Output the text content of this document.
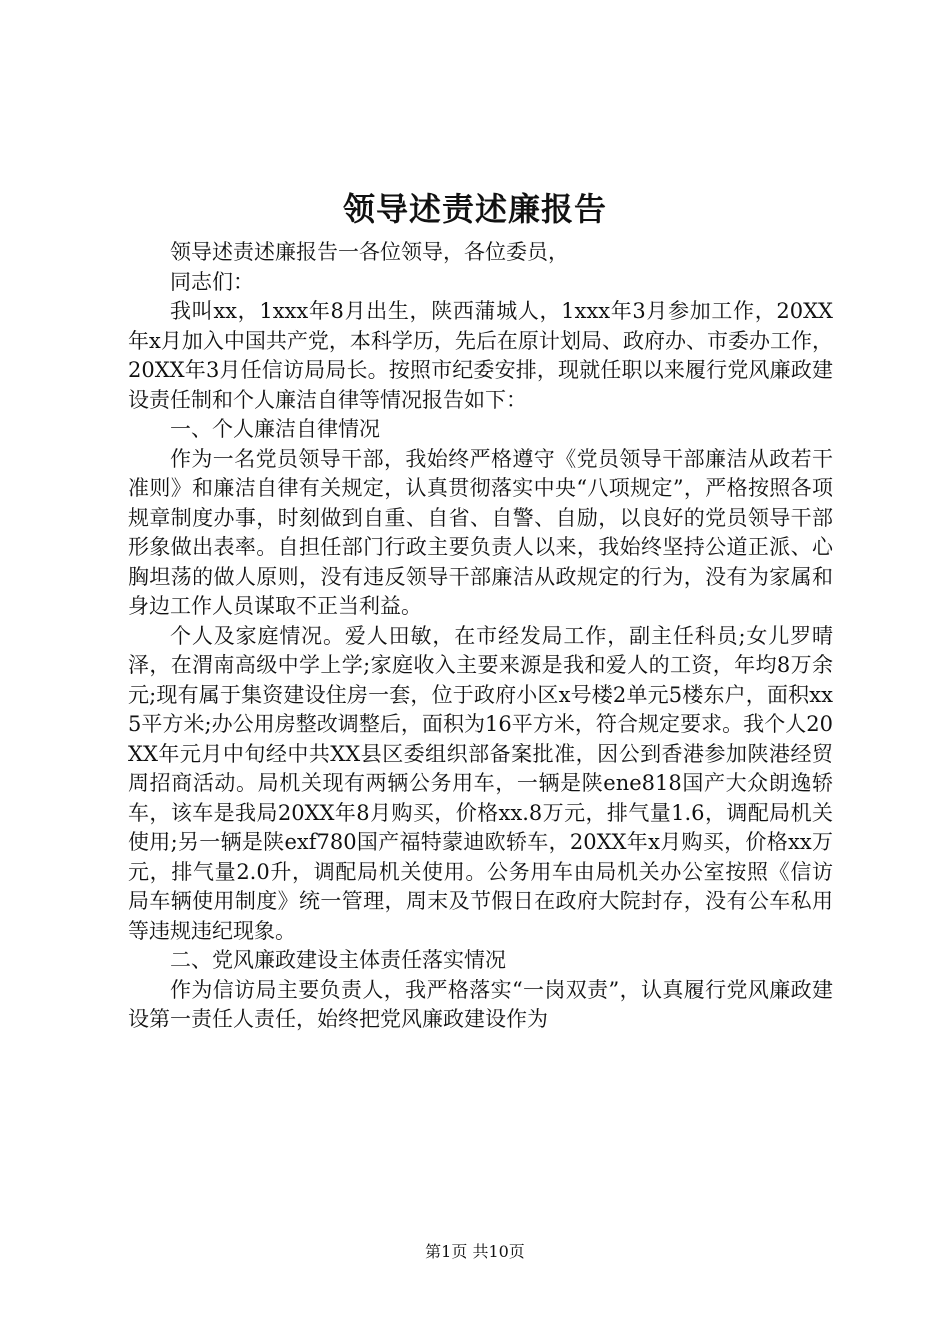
领导述责述廉报告

领导述责述廉报告一各位领导，各位委员，

同志们：

我叫xx，1xxx年8月出生，陕西蒲城人，1xxx年3月参加工作，20XX年x月加入中国共产党，本科学历，先后在原计划局、政府办、市委办工作，20XX年3月任信访局局长。按照市纪委安排，现就任职以来履行党风廉政建设责任制和个人廉洁自律等情况报告如下：

一、个人廉洁自律情况

作为一名党员领导干部，我始终严格遵守《党员领导干部廉洁从政若干准则》和廉洁自律有关规定，认真贯彻落实中央“八项规定”，严格按照各项规章制度办事，时刻做到自重、自省、自警、自励，以良好的党员领导干部形象做出表率。自担任部门行政主要负责人以来，我始终坚持公道正派、心胸坦荡的做人原则，没有违反领导干部廉洁从政规定的行为，没有为家属和身边工作人员谋取不正当利益。

个人及家庭情况。爱人田敏，在市经发局工作，副主任科员;女儿罗晴泽，在渭南高级中学上学;家庭收入主要来源是我和爱人的工资，年均8万余元;现有属于集资建设住房一套，位于政府小区x号楼2单元5楼东户，面积xx5平方米;办公用房整改调整后，面积为16平方米，符合规定要求。我个人20XX年元月中旬经中共XX县区委组织部备案批准，因公到香港参加陕港经贸周招商活动。局机关现有两辆公务用车，一辆是陕ene818国产大众朗逸轿车，该车是我局20XX年8月购买，价格xx.8万元，排气量1.6，调配局机关使用;另一辆是陕exf780国产福特蒙迪欧轿车，20XX年x月购买，价格xx万元，排气量2.0升，调配局机关使用。公务用车由局机关办公室按照《信访局车辆使用制度》统一管理，周末及节假日在政府大院封存，没有公车私用等违规违纪现象。

二、党风廉政建设主体责任落实情况

作为信访局主要负责人，我严格落实“一岗双责”，认真履行党风廉政建设第一责任人责任，始终把党风廉政建设作为

第1页 共10页
